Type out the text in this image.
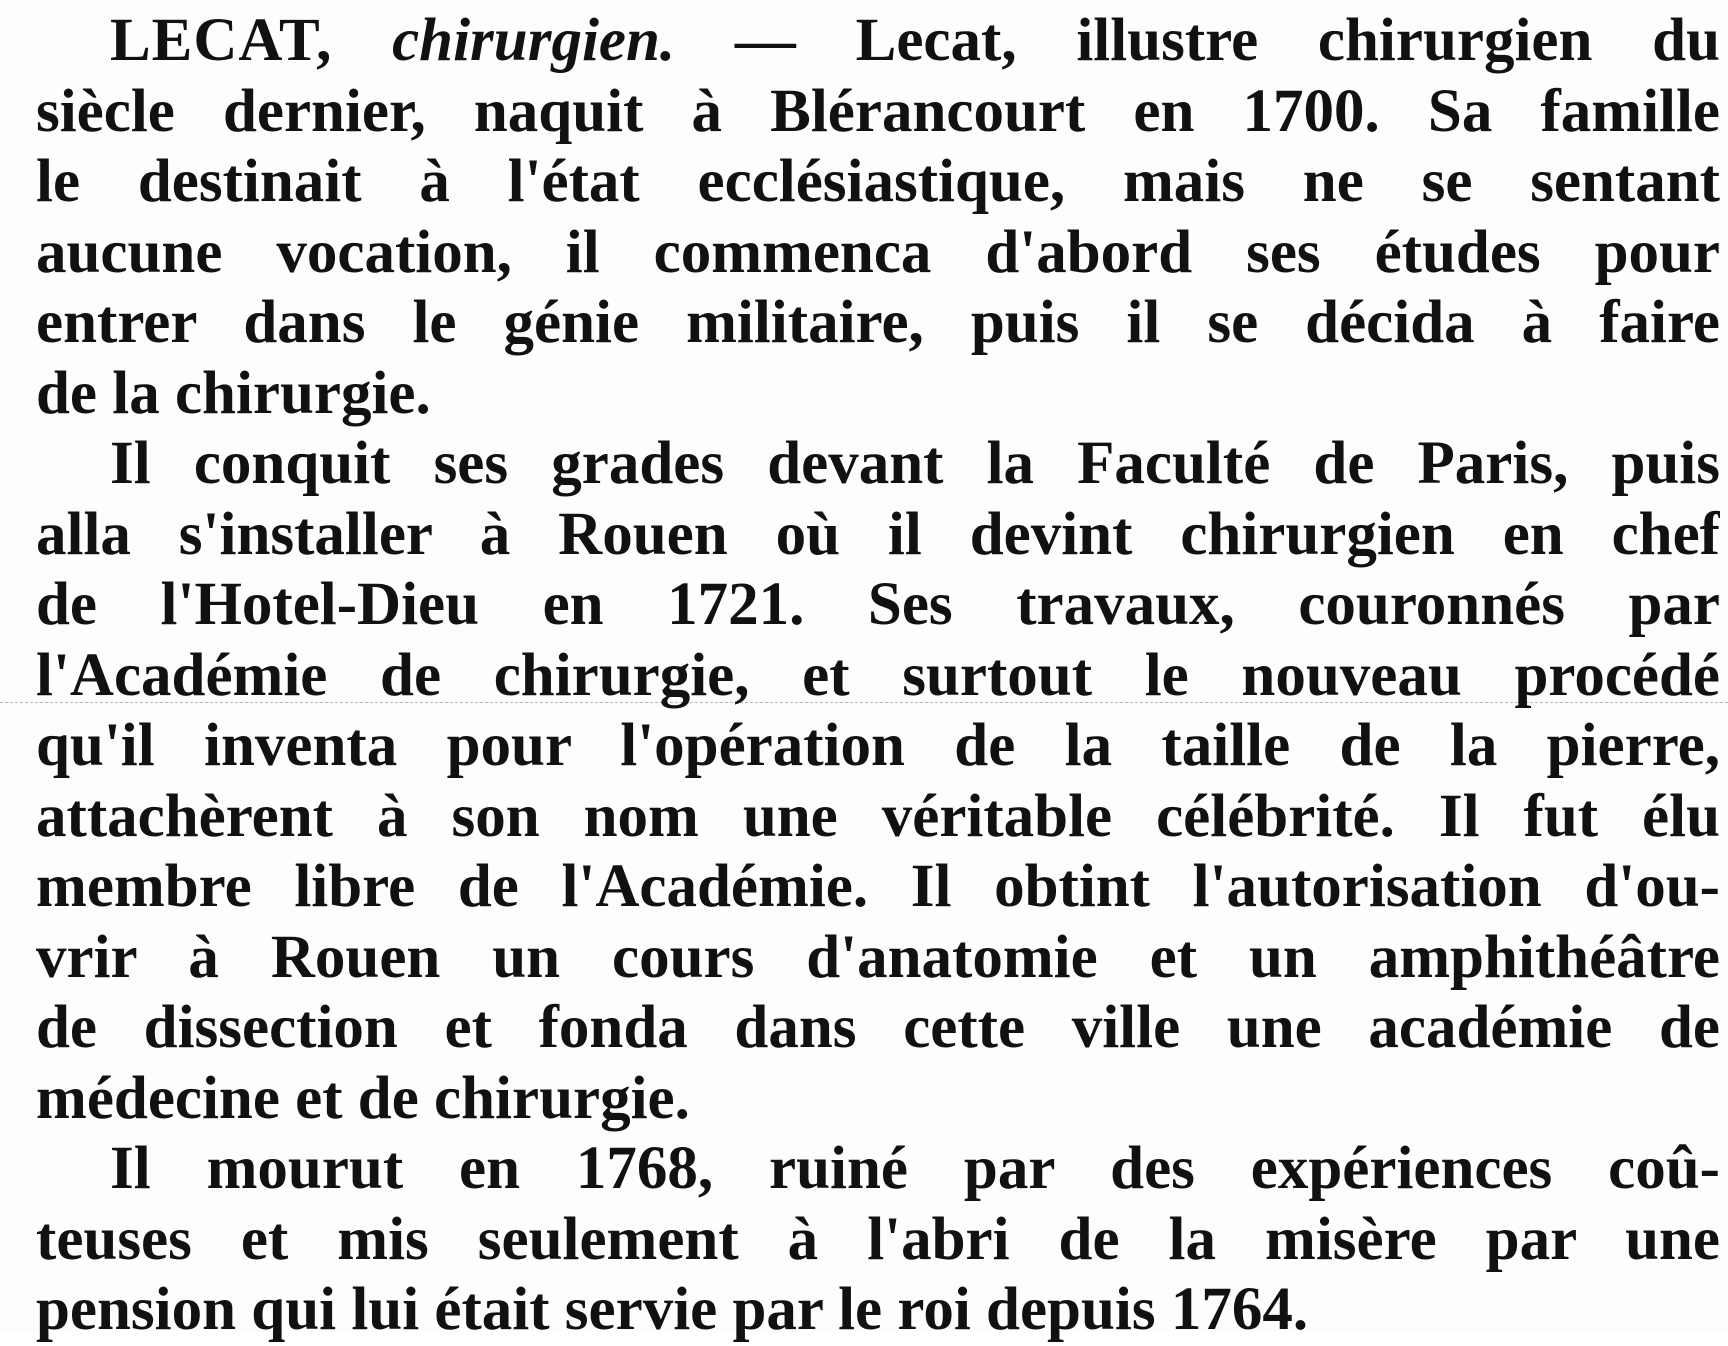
LECAT, chirurgien. — Lecat, illustre chirurgien du
siècle dernier, naquit à Blérancourt en 1700. Sa famille
le destinait à l'état ecclésiastique, mais ne se sentant
aucune vocation, il commenca d'abord ses études pour
entrer dans le génie militaire, puis il se décida à faire
de la chirurgie.
Il conquit ses grades devant la Faculté de Paris, puis
alla s'installer à Rouen où il devint chirurgien en chef
de l'Hotel-Dieu en 1721. Ses travaux, couronnés par
l'Académie de chirurgie, et surtout le nouveau procédé
qu'il inventa pour l'opération de la taille de la pierre,
attachèrent à son nom une véritable célébrité. Il fut élu
membre libre de l'Académie. Il obtint l'autorisation d'ou-
vrir à Rouen un cours d'anatomie et un amphithéâtre
de dissection et fonda dans cette ville une académie de
médecine et de chirurgie.
Il mourut en 1768, ruiné par des expériences coû-
teuses et mis seulement à l'abri de la misère par une
pension qui lui était servie par le roi depuis 1764.
